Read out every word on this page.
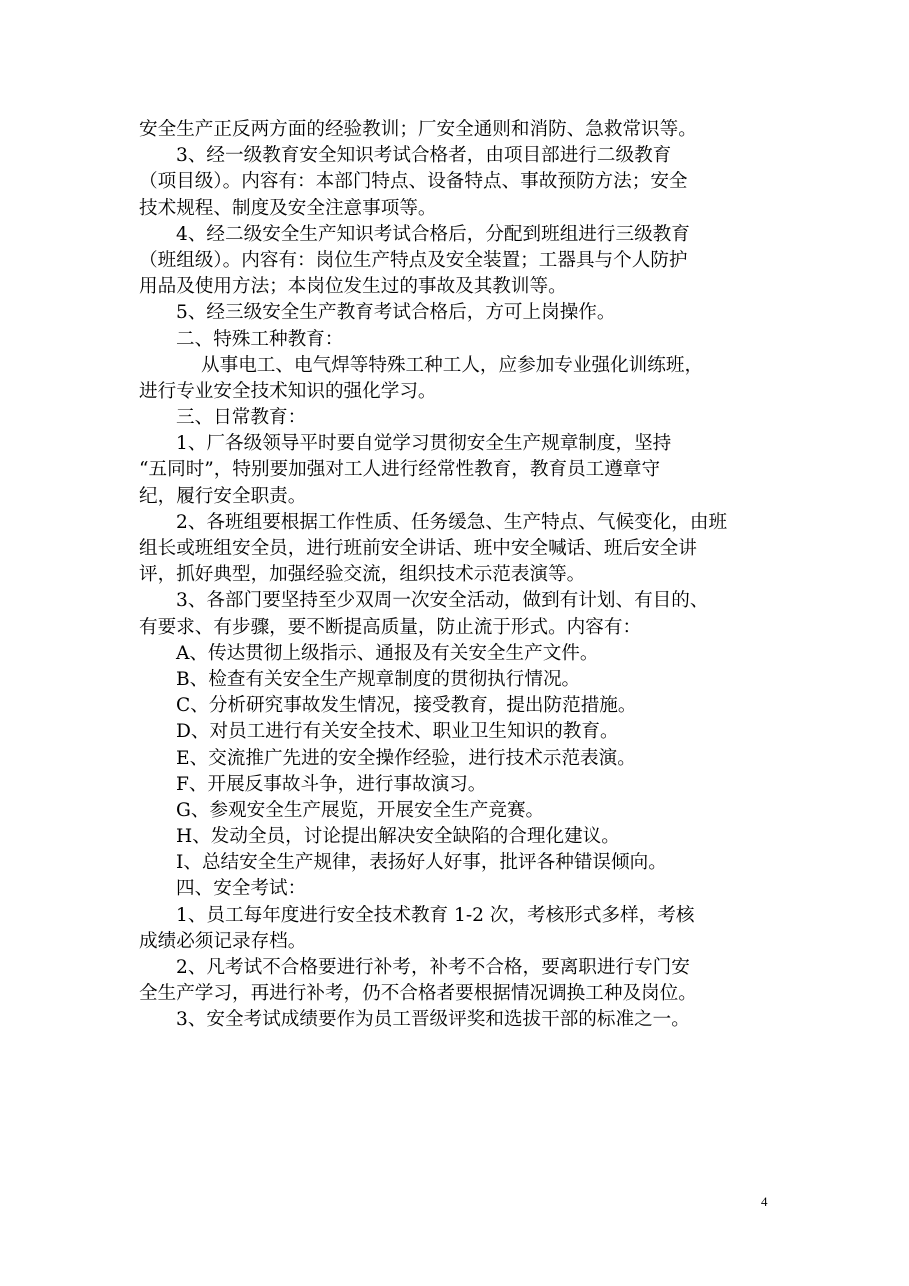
安全生产正反两方面的经验教训；厂安全通则和消防、急救常识等。
3、经一级教育安全知识考试合格者，由项目部进行二级教育
（项目级）。内容有：本部门特点、设备特点、事故预防方法；安全
技术规程、制度及安全注意事项等。
4、经二级安全生产知识考试合格后，分配到班组进行三级教育
（班组级）。内容有：岗位生产特点及安全装置；工器具与个人防护
用品及使用方法；本岗位发生过的事故及其教训等。
5、经三级安全生产教育考试合格后，方可上岗操作。
二、特殊工种教育：
从事电工、电气焊等特殊工种工人，应参加专业强化训练班，
进行专业安全技术知识的强化学习。
三、日常教育：
1、厂各级领导平时要自觉学习贯彻安全生产规章制度，坚持
“五同时”，特别要加强对工人进行经常性教育，教育员工遵章守
纪，履行安全职责。
2、各班组要根据工作性质、任务缓急、生产特点、气候变化，由班
组长或班组安全员，进行班前安全讲话、班中安全喊话、班后安全讲
评，抓好典型，加强经验交流，组织技术示范表演等。
3、各部门要坚持至少双周一次安全活动，做到有计划、有目的、
有要求、有步骤，要不断提高质量，防止流于形式。内容有：
A、传达贯彻上级指示、通报及有关安全生产文件。
B、检查有关安全生产规章制度的贯彻执行情况。
C、分析研究事故发生情况，接受教育，提出防范措施。
D、对员工进行有关安全技术、职业卫生知识的教育。
E、交流推广先进的安全操作经验，进行技术示范表演。
F、开展反事故斗争，进行事故演习。
G、参观安全生产展览，开展安全生产竞赛。
H、发动全员，讨论提出解决安全缺陷的合理化建议。
I、总结安全生产规律，表扬好人好事，批评各种错误倾向。
四、安全考试：
1、员工每年度进行安全技术教育 1-2 次，考核形式多样，考核
成绩必须记录存档。
2、凡考试不合格要进行补考，补考不合格，要离职进行专门安
全生产学习，再进行补考，仍不合格者要根据情况调换工种及岗位。
3、安全考试成绩要作为员工晋级评奖和选拔干部的标准之一。
4
